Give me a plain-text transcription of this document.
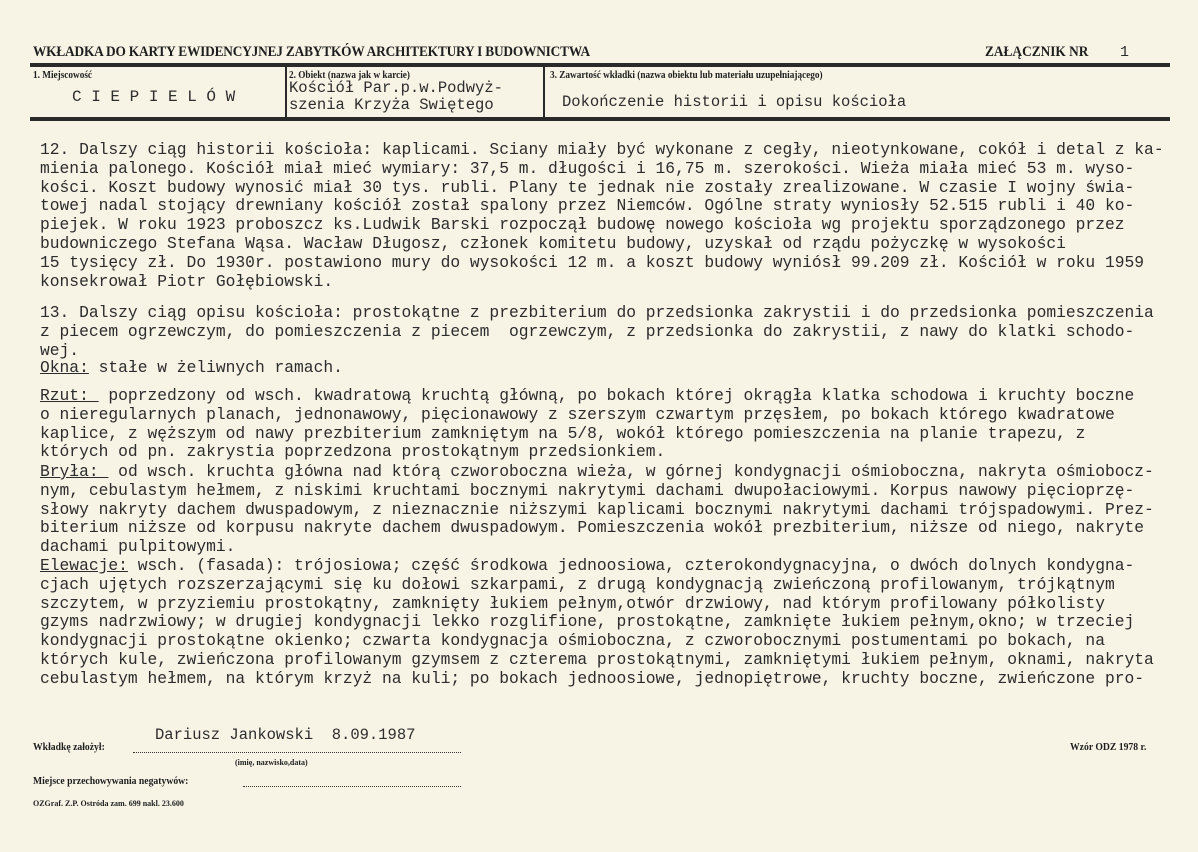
WKŁADKA DO KARTY EWIDENCYJNEJ ZABYTKÓW ARCHITEKTURY I BUDOWNICTWA	ZAŁĄCZNIK NR 1
1. Miejscowość
C I E P I E L Ó W
2. Obiekt (nazwa jak w karcie)
Kościół Par.p.w.Podwyż-
szenia Krzyża Swiętego
3. Zawartość wkładki (nazwa obiektu lub materiału uzupełniającego)
Dokończenie historii i opisu kościoła
12. Dalszy ciąg historii kościoła: kaplicami. Sciany miały być wykonane z cegły, nieotynkowane, cokół i detal z ka-
mienia palonego. Kościół miał mieć wymiary: 37,5 m. długości i 16,75 m. szerokości. Wieża miała mieć 53 m. wyso-
kości. Koszt budowy wynosić miał 30 tys. rubli. Plany te jednak nie zostały zrealizowane. W czasie I wojny świa-
towej nadal stojący drewniany kościół został spalony przez Niemców. Ogólne straty wyniosły 52.515 rubli i 40 ko-
piejek. W roku 1923 proboszcz ks.Ludwik Barski rozpoczął budowę nowego kościoła wg projektu sporządzonego przez
budowniczego Stefana Wąsa. Wacław Długosz, członek komitetu budowy, uzyskał od rządu pożyczkę w wysokości
15 tysięcy zł. Do 1930r. postawiono mury do wysokości 12 m. a koszt budowy wyniósł 99.209 zł. Kościół w roku 1959
konsekrował Piotr Gołębiowski.
13. Dalszy ciąg opisu kościoła: prostokątne z prezbiterium do przedsionka zakrystii i do przedsionka pomieszczenia
z piecem ogrzewczym, do pomieszczenia z piecem  ogrzewczym, z przedsionka do zakrystii, z nawy do klatki schodo-
wej.
Okna: stałe w żeliwnych ramach.
Rzut:  poprzedzony od wsch. kwadratową kruchtą główną, po bokach której okrągła klatka schodowa i kruchty boczne
o nieregularnych planach, jednonawowy, pięcionawowy z szerszym czwartym przęsłem, po bokach którego kwadratowe
kaplice, z węższym od nawy prezbiterium zamkniętym na 5/8, wokół którego pomieszczenia na planie trapezu, z
których od pn. zakrystia poprzedzona prostokątnym przedsionkiem.
Bryła:  od wsch. kruchta główna nad którą czworoboczna wieża, w górnej kondygnacji ośmioboczna, nakryta ośmiobocz-
nym, cebulastym hełmem, z niskimi kruchtami bocznymi nakrytymi dachami dwupołaciowymi. Korpus nawowy pięcioprzę-
słowy nakryty dachem dwuspadowym, z nieznacznie niższymi kaplicami bocznymi nakrytymi dachami trójspadowymi. Prez-
biterium niższe od korpusu nakryte dachem dwuspadowym. Pomieszczenia wokół prezbiterium, niższe od niego, nakryte
dachami pulpitowymi.
Elewacje: wsch. (fasada): trójosiowa; część środkowa jednoosiowa, czterokondygnacyjna, o dwóch dolnych kondygna-
cjach ujętych rozszerzającymi się ku dołowi szkarpami, z drugą kondygnacją zwieńczoną profilowanym, trójkątnym
szczytem, w przyziemiu prostokątny, zamknięty łukiem pełnym,otwór drzwiowy, nad którym profilowany półkolisty
gzyms nadrzwiowy; w drugiej kondygnacji lekko rozglifione, prostokątne, zamknięte łukiem pełnym,okno; w trzeciej
kondygnacji prostokątne okienko; czwarta kondygnacja ośmioboczna, z czworobocznymi postumentami po bokach, na
których kule, zwieńczona profilowanym gzymsem z czterema prostokątnymi, zamkniętymi łukiem pełnym, oknami, nakryta
cebulastym hełmem, na którym krzyż na kuli; po bokach jednoosiowe, jednopiętrowe, kruchty boczne, zwieńczone pro-
Wkładkę założył:
Dariusz Jankowski  8.09.1987
(imię, nazwisko,data)
Miejsce przechowywania negatywów:
OZGraf. Z.P. Ostróda zam. 699 nakl. 23.600
Wzór ODZ 1978 r.
